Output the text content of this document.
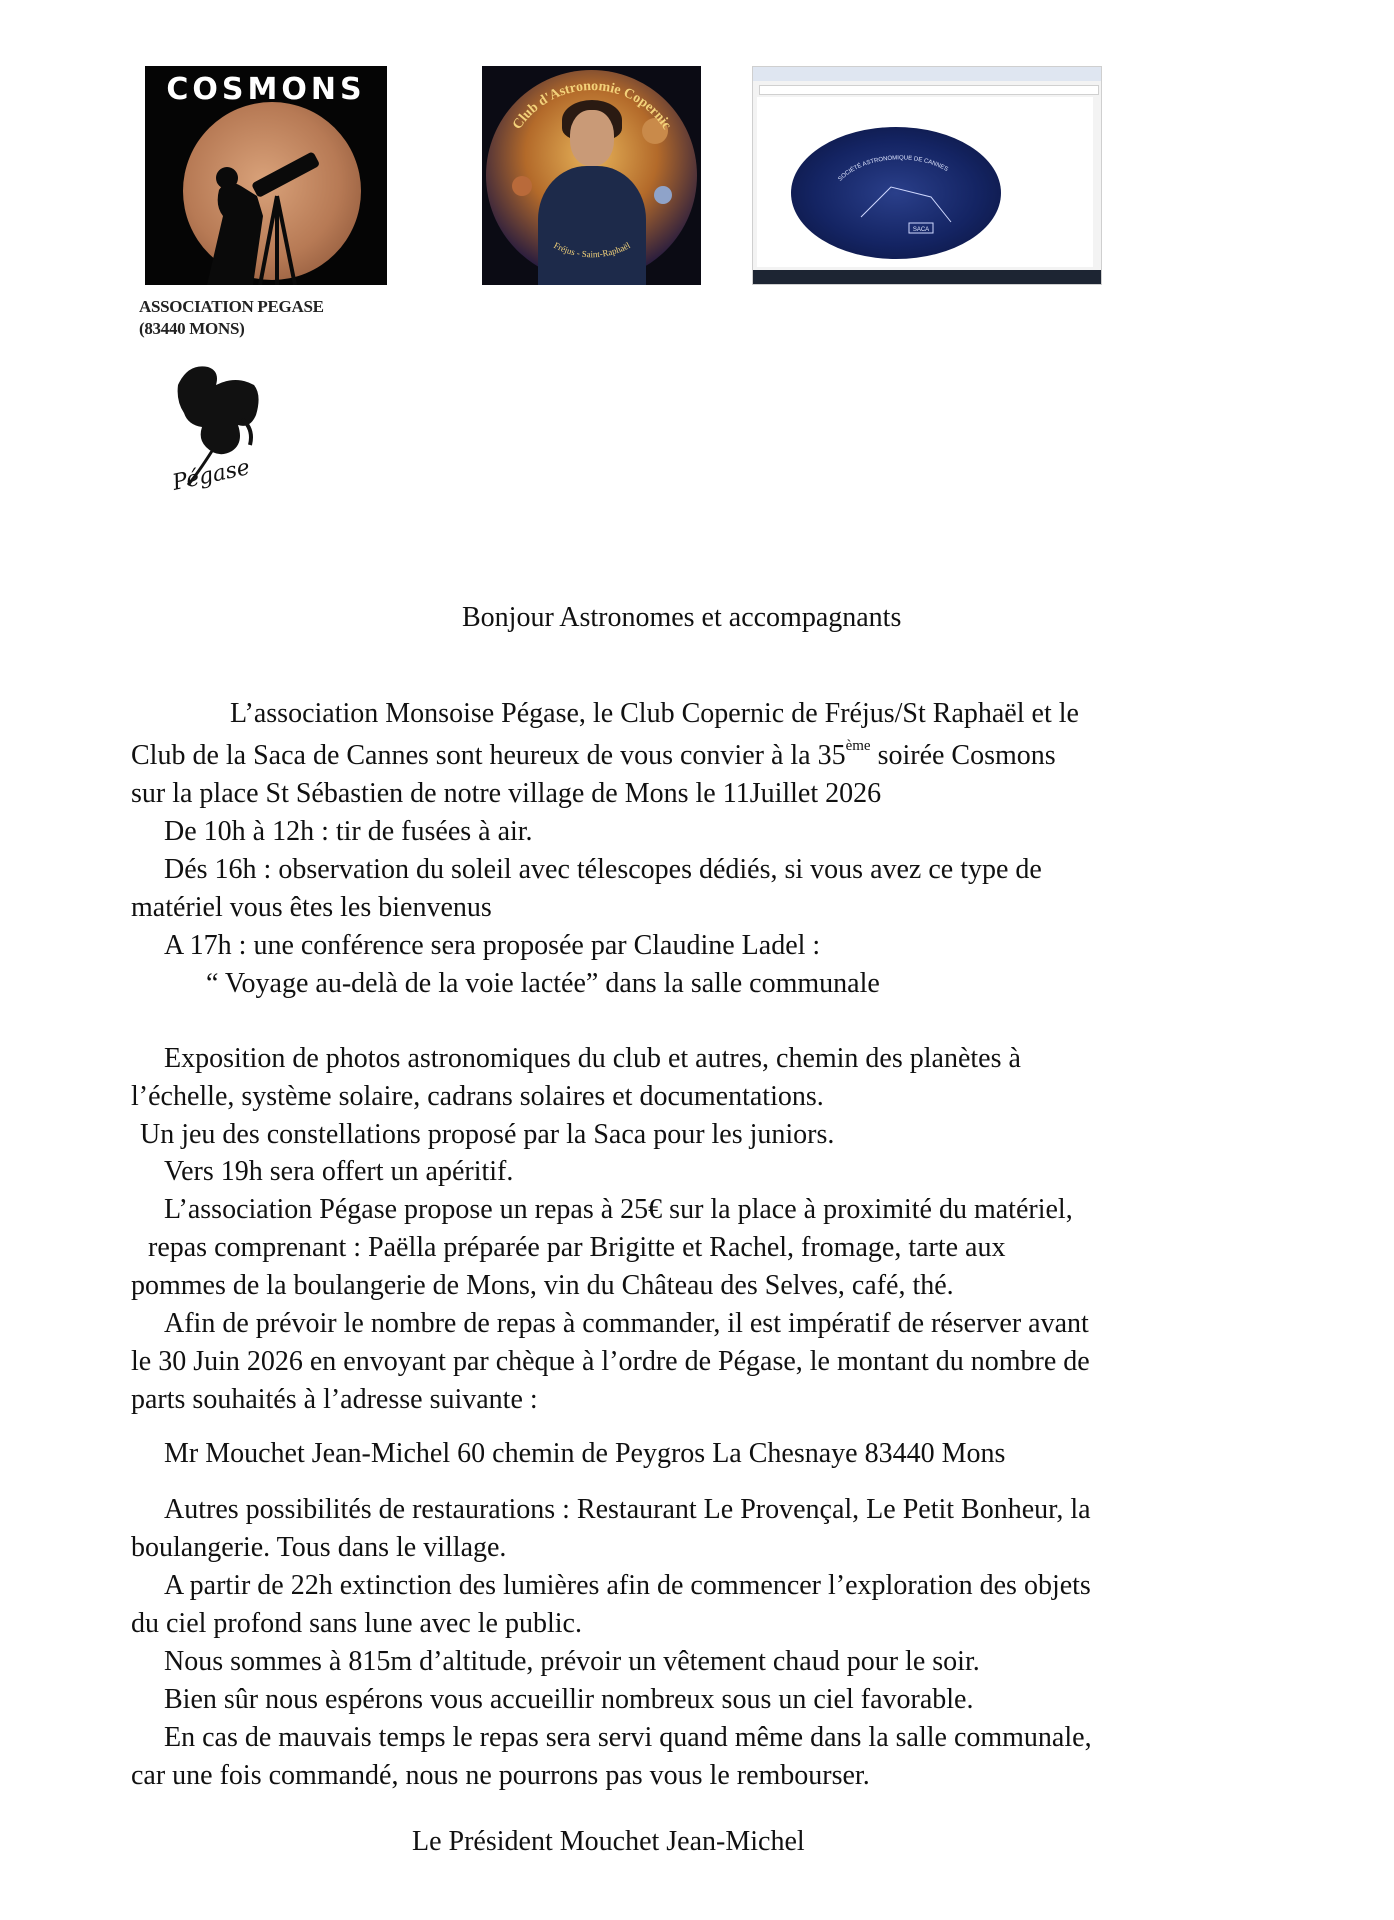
COSMONS
Club d'Astronomie Copernic
Fréjus - Saint-Raphaël
SOCIÉTÉ ASTRONOMIQUE DE CANNES
SACA
ASSOCIATION PEGASE
(83440 MONS)
Pégase
Bonjour Astronomes et accompagnants
L’association Monsoise Pégase, le Club Copernic de Fréjus/St Raphaël et le
Club de la Saca de Cannes sont heureux de vous convier à la 35ème soirée Cosmons
sur la place St Sébastien de notre village de Mons le 11Juillet 2026
De 10h à 12h : tir de fusées à air.
Dés 16h : observation du soleil avec télescopes dédiés, si vous avez ce type de
matériel vous êtes les bienvenus
A 17h : une conférence sera proposée par Claudine Ladel :
“ Voyage au-delà de la voie lactée” dans la salle communale
Exposition de photos astronomiques du club et autres, chemin des planètes à
l’échelle, système solaire, cadrans solaires et documentations.
Un jeu des constellations proposé par la Saca pour les juniors.
Vers 19h sera offert un apéritif.
L’association Pégase propose un repas à 25€ sur la place à proximité du matériel,
repas comprenant : Paëlla préparée par Brigitte et Rachel, fromage, tarte aux
pommes de la boulangerie de Mons, vin du Château des Selves, café, thé.
Afin de prévoir le nombre de repas à commander, il est impératif de réserver avant
le 30 Juin 2026 en envoyant par chèque à l’ordre de Pégase, le montant du nombre de
parts souhaités à l’adresse suivante :
Mr Mouchet Jean-Michel 60 chemin de Peygros La Chesnaye 83440 Mons
Autres possibilités de restaurations : Restaurant Le Provençal, Le Petit Bonheur, la
boulangerie. Tous dans le village.
A partir de 22h extinction des lumières afin de commencer l’exploration des objets
du ciel profond sans lune avec le public.
Nous sommes à 815m d’altitude, prévoir un vêtement chaud pour le soir.
Bien sûr nous espérons vous accueillir nombreux sous un ciel favorable.
En cas de mauvais temps le repas sera servi quand même dans la salle communale,
car une fois commandé, nous ne pourrons pas vous le rembourser.
Le Président Mouchet Jean-Michel
